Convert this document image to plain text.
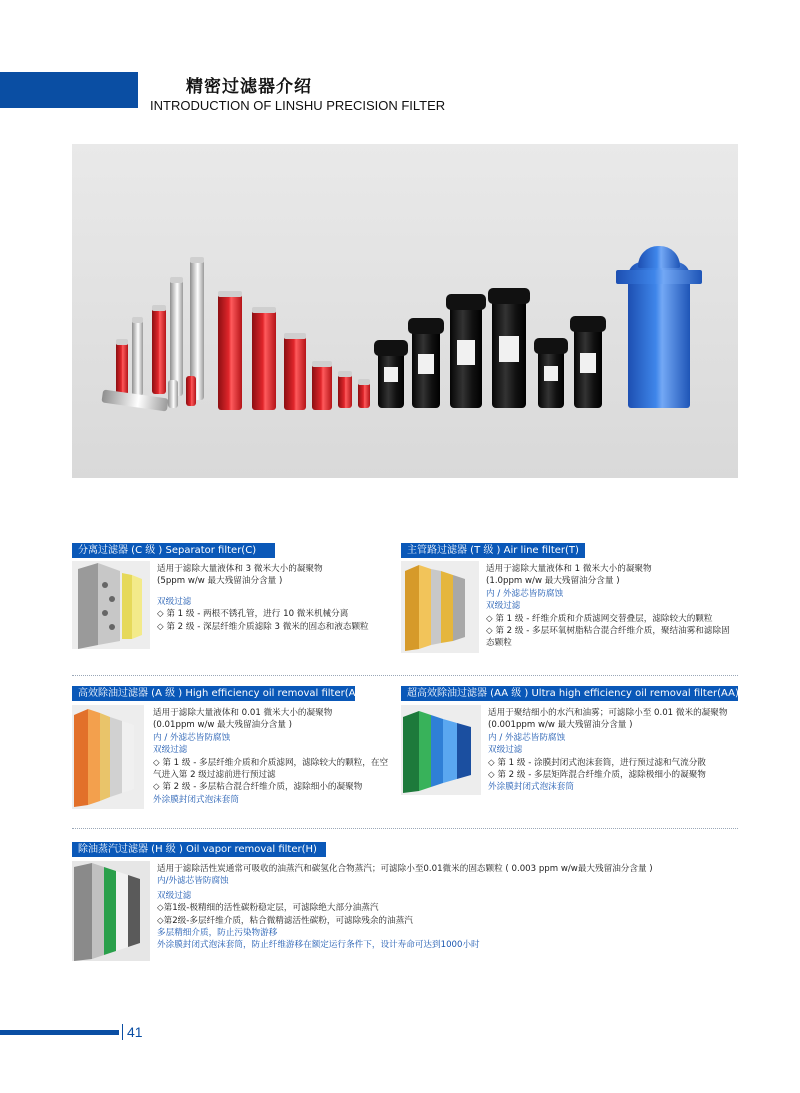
精密过滤器介绍
INTRODUCTION OF LINSHU PRECISION FILTER
分离过滤器 (C 级 ) Separator filter(C)
适用于滤除大量液体和 3 微米大小的凝聚物
(5ppm w/w 最大残留油分含量 )
双级过滤
◇ 第 1 级 - 两根不锈孔管，进行 10 微米机械分离
◇ 第 2 级 - 深层纤维介质滤除 3 微米的固态和液态颗粒
主管路过滤器 (T 级 ) Air line filter(T)
适用于滤除大量液体和 1 微米大小的凝聚物
(1.0ppm w/w 最大残留油分含量 )
内 / 外滤芯皆防腐蚀
双级过滤
◇ 第 1 级 - 纤维介质和介质滤网交替叠层，滤除较大的颗粒
◇ 第 2 级 - 多层环氧树脂粘合混合纤维介质，聚结油雾和滤除固态颗粒
高效除油过滤器 (A 级 ) High efficiency oil removal filter(A)
适用于滤除大量液体和 0.01 微米大小的凝聚物
(0.01ppm w/w 最大残留油分含量 )
内 / 外滤芯皆防腐蚀
双级过滤
◇ 第 1 级 - 多层纤维介质和介质滤网，滤除较大的颗粒，在空气进入第 2 级过滤前进行预过滤
◇ 第 2 级 - 多层粘合混合纤维介质，滤除细小的凝聚物
外涂膜封闭式泡沫套筒
超高效除油过滤器 (AA 级 ) Ultra high efficiency oil removal filter(AA)
适用于聚结细小的水汽和油雾；可滤除小至 0.01 微米的凝聚物 (0.001ppm w/w 最大残留油分含量 )
内 / 外滤芯皆防腐蚀
双级过滤
◇ 第 1 级 - 涂膜封闭式泡沫套筒，进行预过滤和气流分散
◇ 第 2 级 - 多层矩阵混合纤维介质，滤除极细小的凝聚物
外涂膜封闭式泡沫套筒
除油蒸汽过滤器 (H 级 ) Oil vapor removal filter(H)
适用于滤除活性炭通常可吸收的油蒸汽和碳氢化合物蒸汽；可滤除小至0.01微米的固态颗粒 ( 0.003 ppm w/w最大残留油分含量 )
内/外滤芯皆防腐蚀
双级过滤
◇第1级-极精细的活性碳粉稳定层，可滤除绝大部分油蒸汽
◇第2级-多层纤维介质，粘合微精滤活性碳粉，可滤除残余的油蒸汽
多层精细介质，防止污染物游移
外涂膜封闭式泡沫套筒，防止纤维游移在额定运行条件下，设计寿命可达到1000小时
41
